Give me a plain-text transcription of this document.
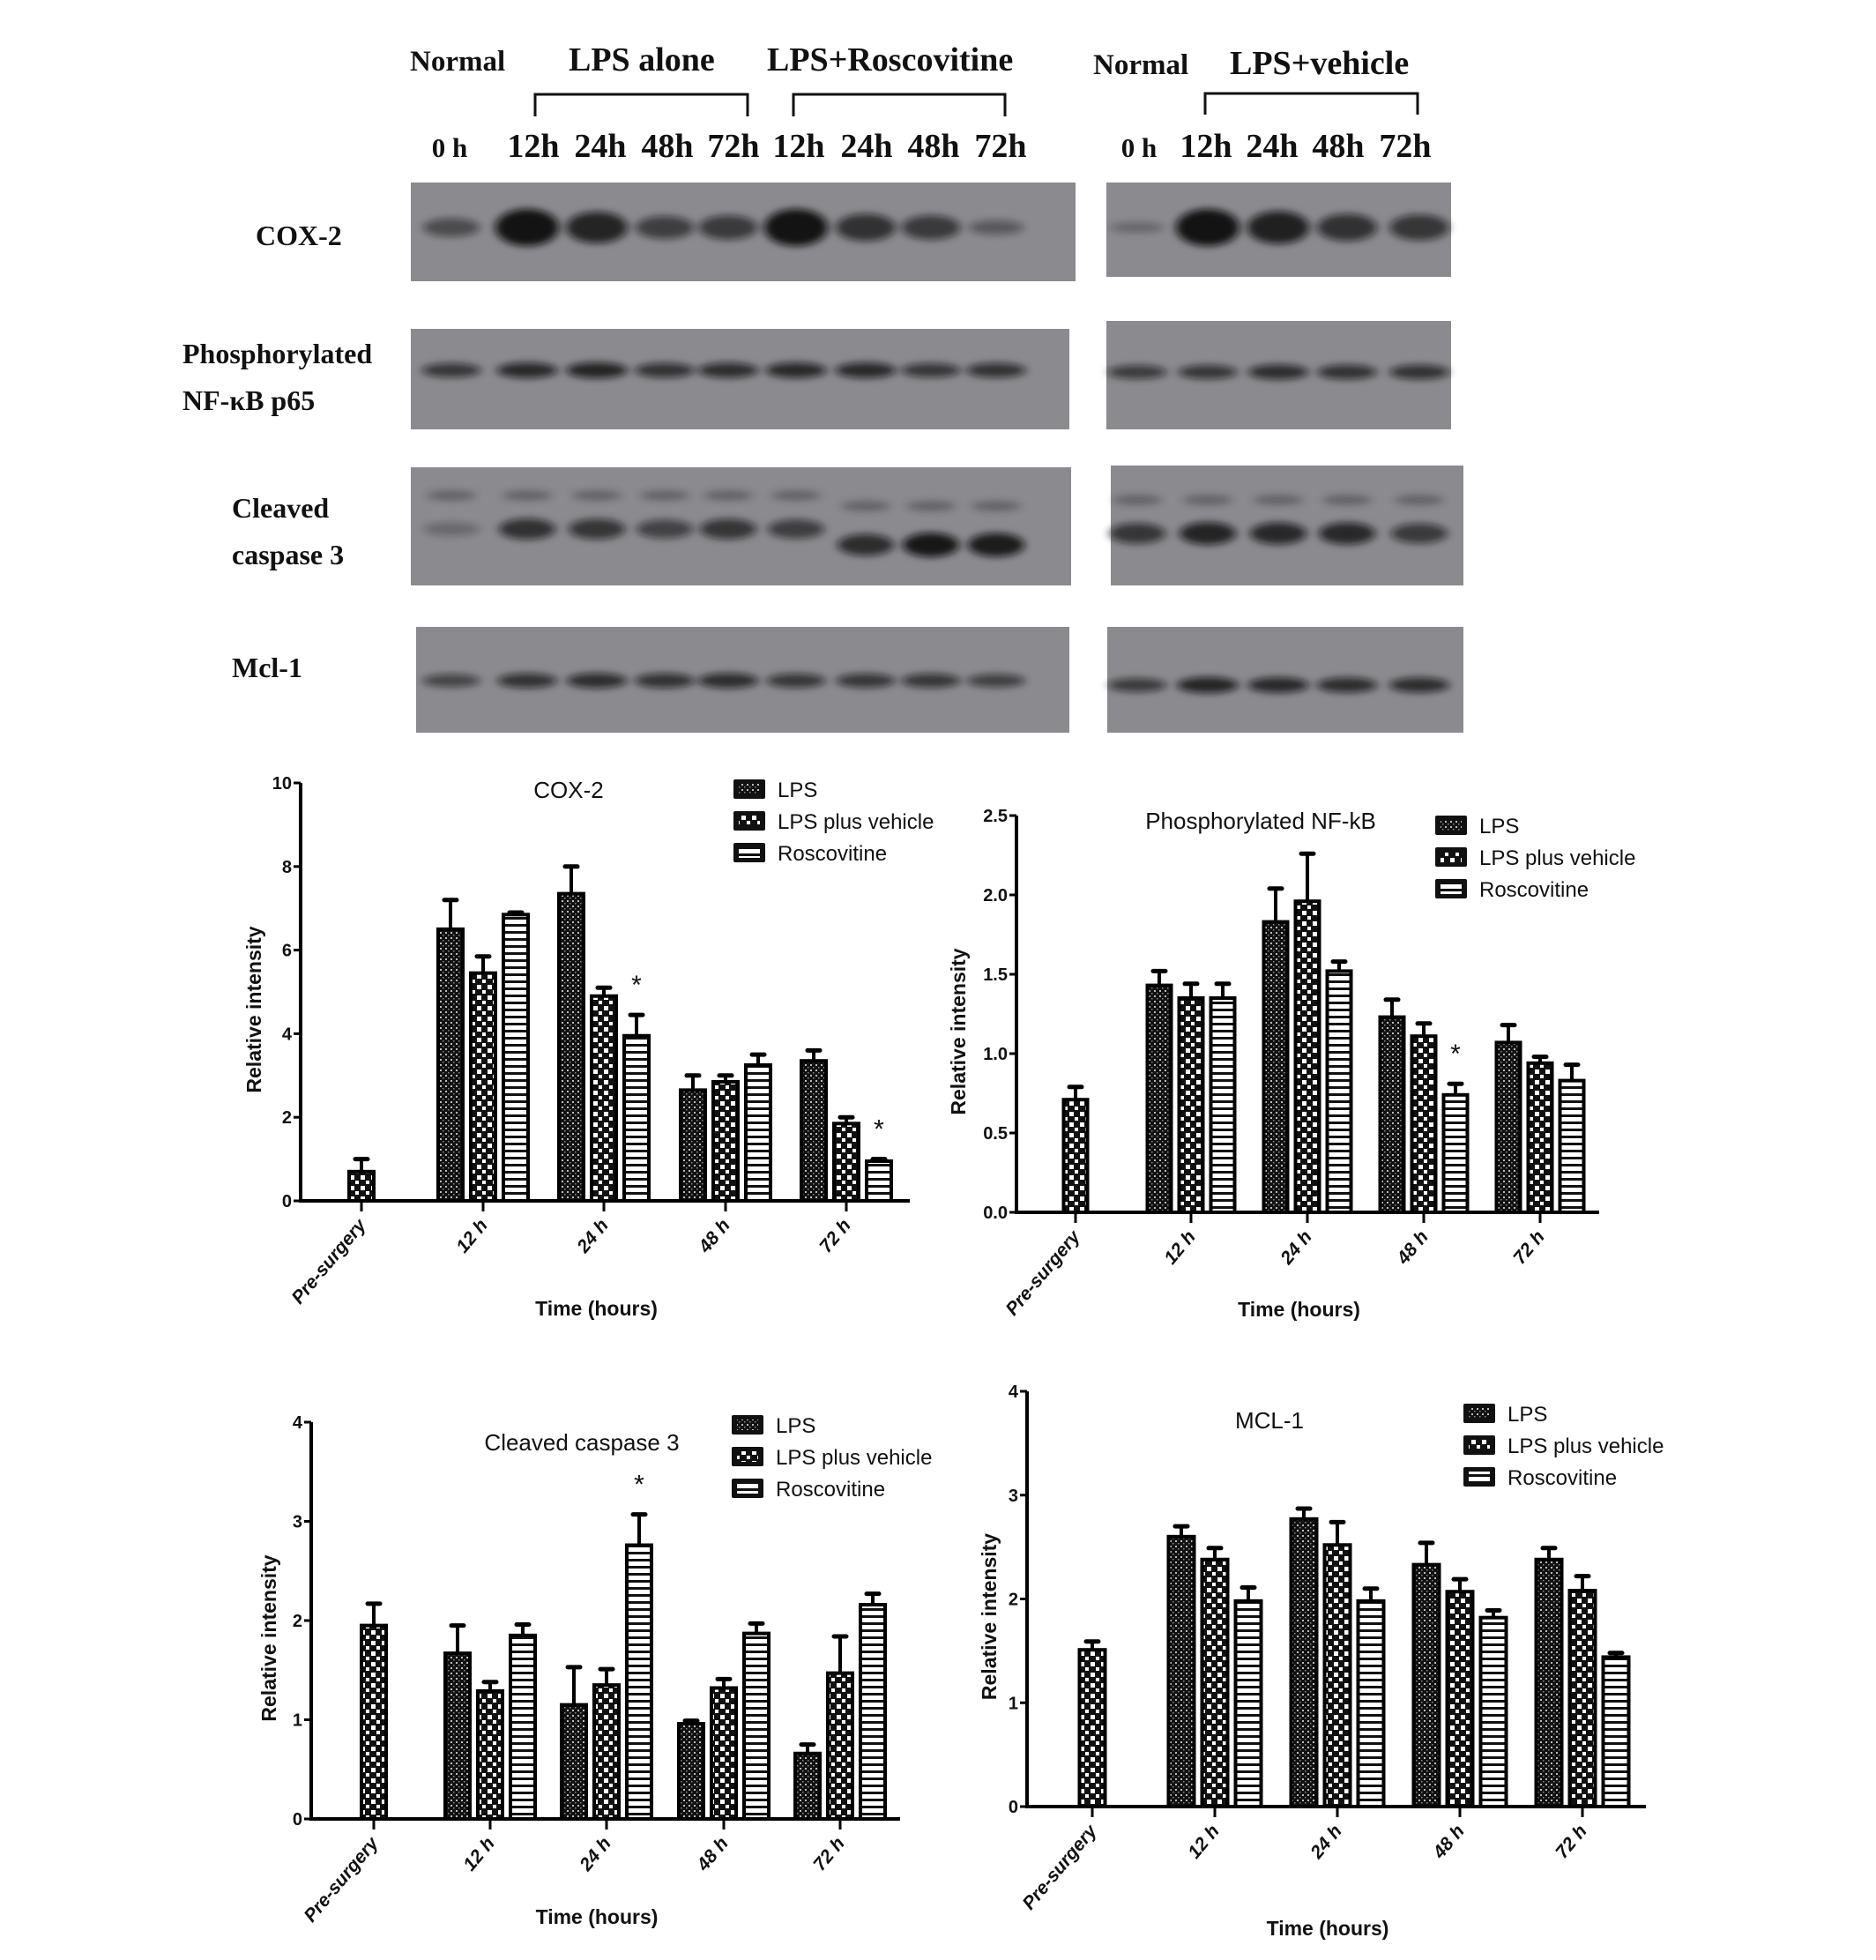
Normal LPS alone LPS+Roscovitine
0 h 12h 24h 48h 72h 12h 24h 48h 72h
Normal LPS+vehicle
0 h 12h 24h 48h 72h
COX-2
Phosphorylated
NF-κB p65
Cleaved
caspase 3
Mcl-1
COX-2
0
2
4
6
8
10
Relative intensity
Pre-surgery	12 h	24 h	48 h	72 h
Time (hours)
*
*
LPS
LPS plus vehicle
Roscovitine
Phosphorylated NF-kB
0.0
0.5
1.0
1.5
2.0
2.5
Relative intensity
Pre-surgery	12 h	24 h	48 h	72 h
Time (hours)
*
LPS
LPS plus vehicle
Roscovitine
Cleaved caspase 3
0
1
2
3
4
Relative intensity
Pre-surgery	12 h	24 h	48 h	72 h
Time (hours)
*
LPS
LPS plus vehicle
Roscovitine
MCL-1
0
1
2
3
4
Relative intensity
Pre-surgery	12 h	24 h	48 h	72 h
Time (hours)
LPS
LPS plus vehicle
Roscovitine
